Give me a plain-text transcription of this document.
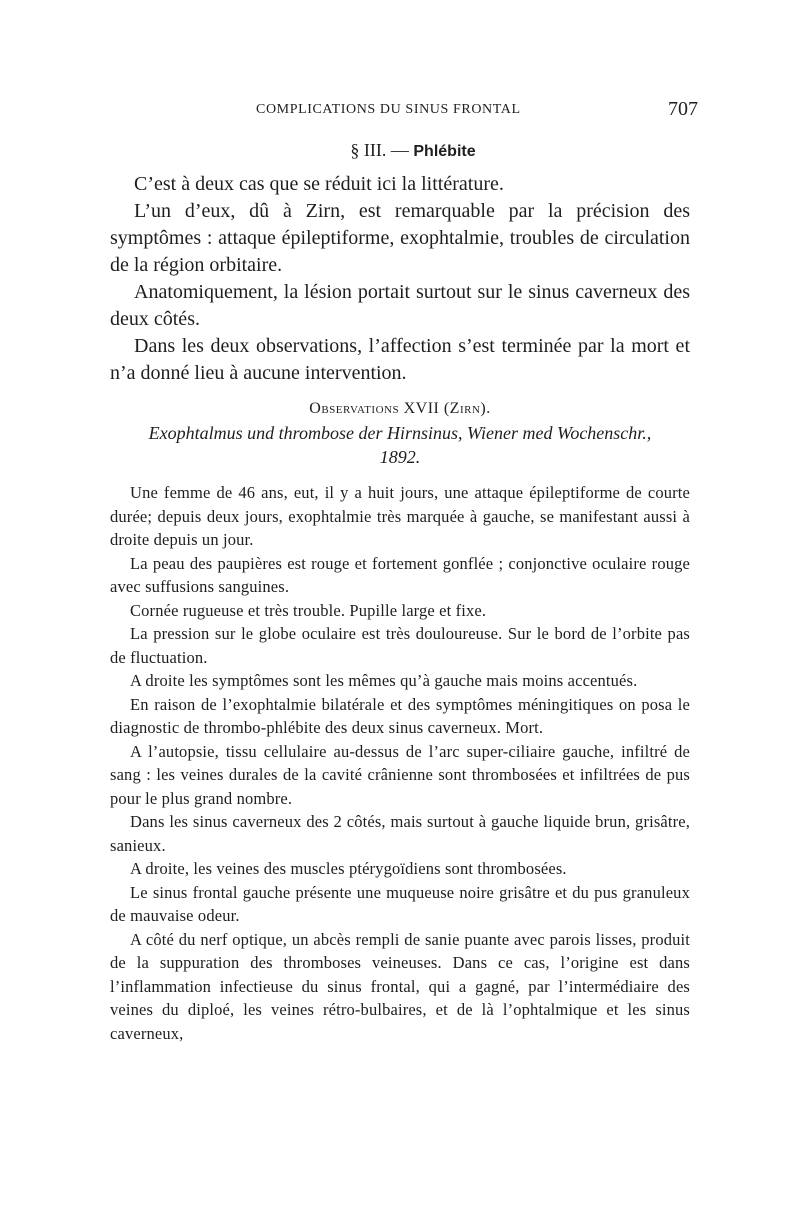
COMPLICATIONS DU SINUS FRONTAL	707
§ III. — Phlébite

C’est à deux cas que se réduit ici la littérature.

L’un d’eux, dû à Zirn, est remarquable par la précision des symptômes : attaque épileptiforme, exophtalmie, troubles de circulation de la région orbitaire.

Anatomiquement, la lésion portait surtout sur le sinus caverneux des deux côtés.

Dans les deux observations, l’affection s’est terminée par la mort et n’a donné lieu à aucune intervention.

Observations XVII (Zirn).
Exophtalmus und thrombose der Hirnsinus, Wiener med Wochenschr., 1892.

Une femme de 46 ans, eut, il y a huit jours, une attaque épileptiforme de courte durée; depuis deux jours, exophtalmie très marquée à gauche, se manifestant aussi à droite depuis un jour.

La peau des paupières est rouge et fortement gonflée ; conjonctive oculaire rouge avec suffusions sanguines.

Cornée rugueuse et très trouble. Pupille large et fixe.

La pression sur le globe oculaire est très douloureuse. Sur le bord de l’orbite pas de fluctuation.

A droite les symptômes sont les mêmes qu’à gauche mais moins accentués.

En raison de l’exophtalmie bilatérale et des symptômes méningitiques on posa le diagnostic de thrombo-phlébite des deux sinus caverneux. Mort.

A l’autopsie, tissu cellulaire au-dessus de l’arc super-ciliaire gauche, infiltré de sang : les veines durales de la cavité crânienne sont thrombosées et infiltrées de pus pour le plus grand nombre.

Dans les sinus caverneux des 2 côtés, mais surtout à gauche liquide brun, grisâtre, sanieux.

A droite, les veines des muscles ptérygoïdiens sont thrombosées.

Le sinus frontal gauche présente une muqueuse noire grisâtre et du pus granuleux de mauvaise odeur.

A côté du nerf optique, un abcès rempli de sanie puante avec parois lisses, produit de la suppuration des thromboses veineuses. Dans ce cas, l’origine est dans l’inflammation infectieuse du sinus frontal, qui a gagné, par l’intermédiaire des veines du diploé, les veines rétro-bulbaires, et de là l’ophtalmique et les sinus caverneux,
